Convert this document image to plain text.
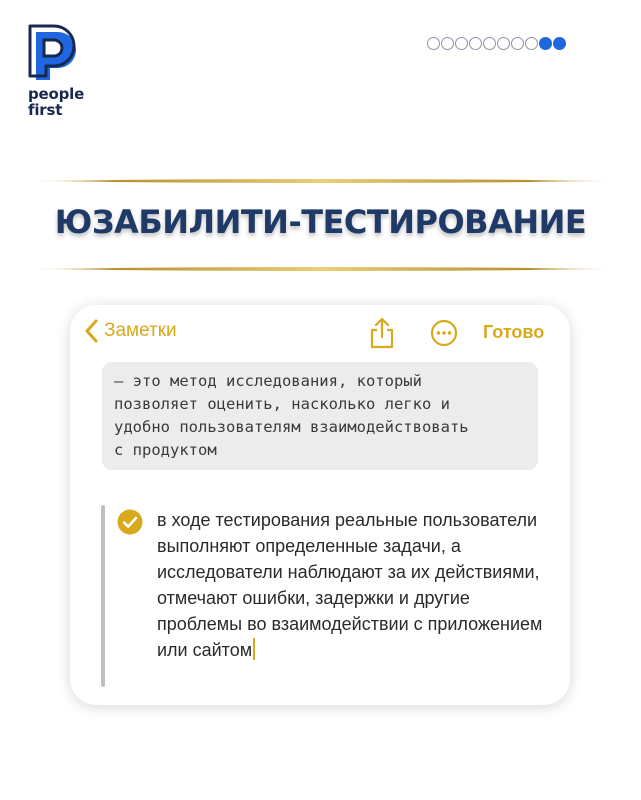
people
first
ЮЗАБИЛИТИ-ТЕСТИРОВАНИЕ
Заметки	Готово
– это метод исследования, который
позволяет оценить, насколько легко и
удобно пользователям взаимодействовать
с продуктом
в ходе тестирования реальные пользователи выполняют определенные задачи, а исследователи наблюдают за их действиями, отмечают ошибки, задержки и другие проблемы во взаимодействии с приложением или сайтом
